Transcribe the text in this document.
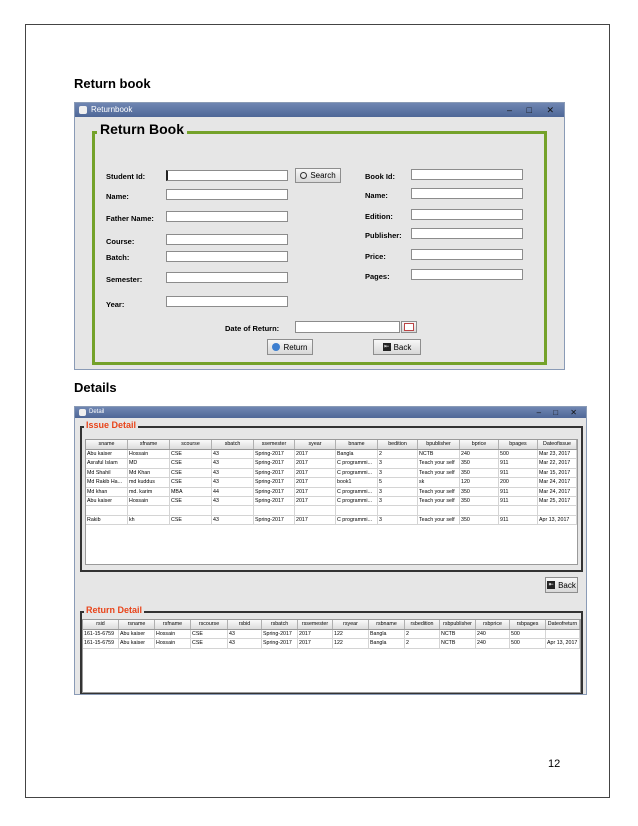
Return book
Returnbook	– □ ✕
Return Book
Student Id:
Name:
Father Name:
Course:
Batch:
Semester:
Year:
Search	Book Id:
Name:
Edition:
Publisher:
Price:
Pages:
Date of Return:
Return	⇤ Back
Details
Detail	– □ ✕
Issue Detail
sname	sfname	scourse	sbatch	ssemester	syear	bname	bedition	bpublisher	bprice	bpages	Dateofissue
Abu kaiser	Hossain	CSE	43	Spring-2017	2017	Bangla	2	NCTB	240	500	Mar 23, 2017
Asraful Islam	MD	CSE	43	Spring-2017	2017	C programmi...	3	Teach your self	350	911	Mar 22, 2017
Md Shahil	Md Khan	CSE	43	Spring-2017	2017	C programmi...	3	Teach your self	350	911	Mar 15, 2017
Md Rakib Ha...	md kuddus	CSE	43	Spring-2017	2017	book1	5	sk	120	200	Mar 24, 2017
Md khan	md. karim	MBA	44	Spring-2017	2017	C programmi...	3	Teach your self	350	911	Mar 24, 2017
Abu kaiser	Hossain	CSE	43	Spring-2017	2017	C programmi...	3	Teach your self	350	911	Mar 25, 2017
Rakib	kh	CSE	43	Spring-2017	2017	C programmi...	3	Teach your self	350	911	Apr 13, 2017
⇤ Back
Return Detail
rsid	rsname	rsfname	rscourse	rsbid	rsbatch	rssemester	rsyear	rsbname	rsbedition	rsbpublisher	rsbprice	rsbpages	Dateofreturn
161-15-6759	Abu kaiser	Hossain	CSE	43	Spring-2017	2017	122	Bangla	2	NCTB	240	500
161-15-6759	Abu kaiser	Hossain	CSE	43	Spring-2017	2017	122	Bangla	2	NCTB	240	500	Apr 13, 2017
12
